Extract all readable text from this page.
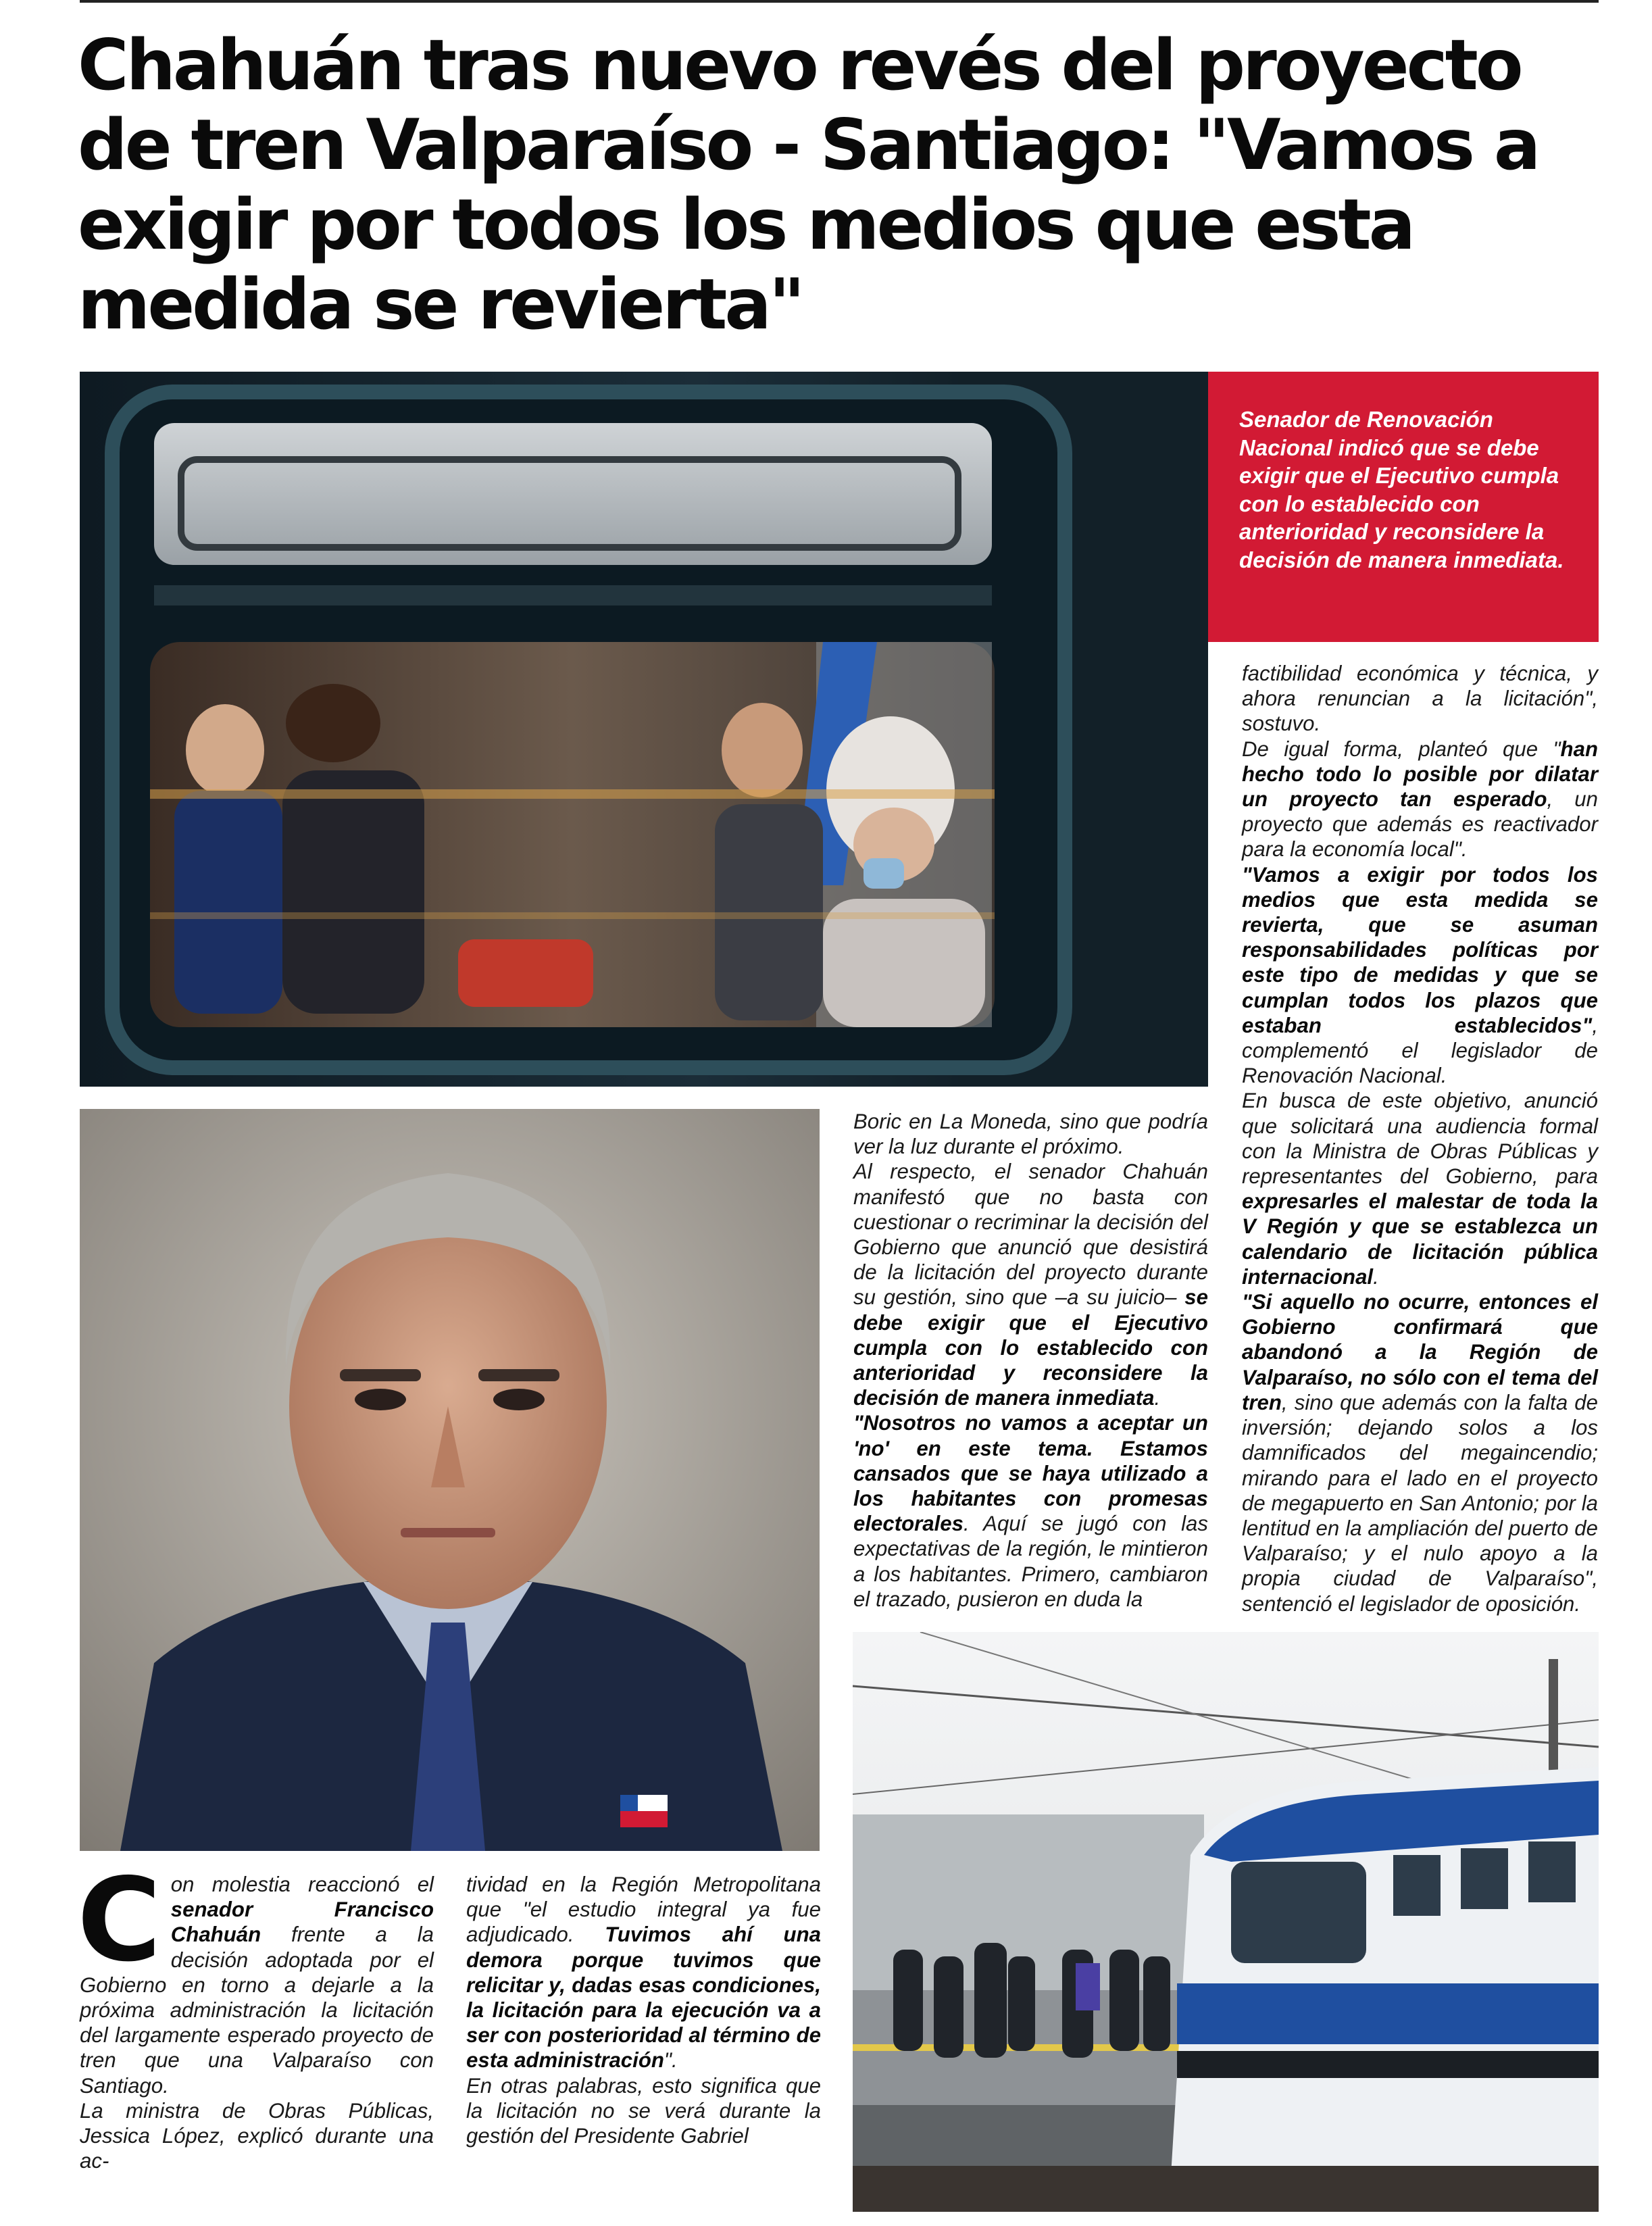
Chahuán tras nuevo revés del proyecto de tren Valparaíso - Santiago: "Vamos a exigir por todos los medios que esta medida se revierta"

Senador de Renovación Nacional indicó que se debe exigir que el Ejecutivo cumpla con lo establecido con anterioridad y reconsidere la decisión de manera inmediata.

Con molestia reaccionó el senador Francisco Chahuán frente a la decisión adoptada por el Gobierno en torno a dejarle a la próxima administración la licitación del largamente esperado proyecto de tren que una Valparaíso con Santiago.

La ministra de Obras Públicas, Jessica López, explicó durante una ac-

tividad en la Región Metropolitana que "el estudio integral ya fue adjudicado. Tuvimos ahí una demora porque tuvimos que relicitar y, dadas esas condiciones, la licitación para la ejecución va a ser con posterioridad al término de esta administración".

En otras palabras, esto significa que la licitación no se verá durante la gestión del Presidente Gabriel

Boric en La Moneda, sino que podría ver la luz durante el próximo.

Al respecto, el senador Chahuán manifestó que no basta con cuestionar o recriminar la decisión del Gobierno que anunció que desistirá de la licitación del proyecto durante su gestión, sino que –a su juicio– se debe exigir que el Ejecutivo cumpla con lo establecido con anterioridad y reconsidere la decisión de manera inmediata.

"Nosotros no vamos a aceptar un 'no' en este tema. Estamos cansados que se haya utilizado a los habitantes con promesas electorales. Aquí se jugó con las expectativas de la región, le mintieron a los habitantes. Primero, cambiaron el trazado, pusieron en duda la

factibilidad económica y técnica, y ahora renuncian a la licitación", sostuvo.

De igual forma, planteó que "han hecho todo lo posible por dilatar un proyecto tan esperado, un proyecto que además es reactivador para la economía local".

"Vamos a exigir por todos los medios que esta medida se revierta, que se asuman responsabilidades políticas por este tipo de medidas y que se cumplan todos los plazos que estaban establecidos", complementó el legislador de Renovación Nacional.

En busca de este objetivo, anunció que solicitará una audiencia formal con la Ministra de Obras Públicas y representantes del Gobierno, para expresarles el malestar de toda la V Región y que se establezca un calendario de licitación pública internacional.

"Si aquello no ocurre, entonces el Gobierno confirmará que abandonó a la Región de Valparaíso, no sólo con el tema del tren, sino que además con la falta de inversión; dejando solos a los damnificados del megaincendio; mirando para el lado en el proyecto de megapuerto en San Antonio; por la lentitud en la ampliación del puerto de Valparaíso; y el nulo apoyo a la propia ciudad de Valparaíso", sentenció el legislador de oposición.
